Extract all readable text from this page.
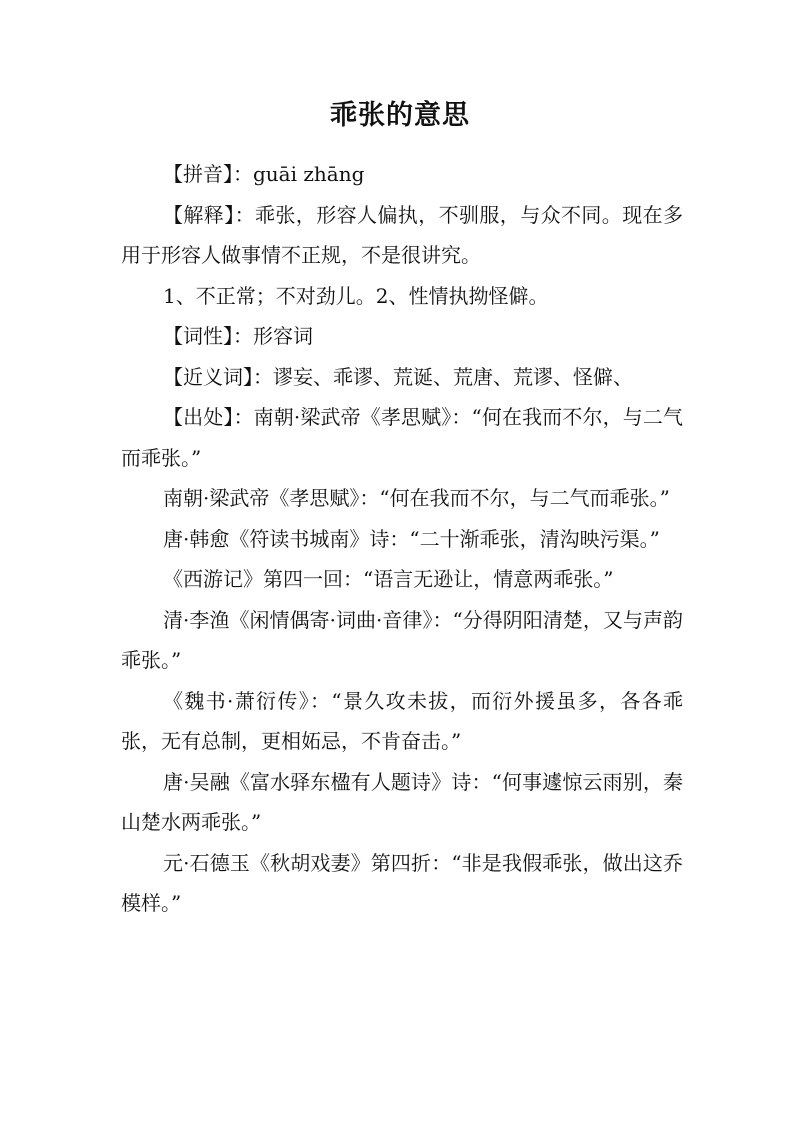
乖张的意思

【拼音】：guāi zhāng

【解释】：乖张，形容人偏执，不驯服，与众不同。现在多用于形容人做事情不正规，不是很讲究。

1、不正常；不对劲儿。2、性情执拗怪僻。

【词性】：形容词

【近义词】：谬妄、乖谬、荒诞、荒唐、荒谬、怪僻、

【出处】：南朝·梁武帝《孝思赋》：“何在我而不尔，与二气而乖张。”

南朝·梁武帝《孝思赋》：“何在我而不尔，与二气而乖张。”

唐·韩愈《符读书城南》诗：“二十渐乖张，清沟映污渠。”

《西游记》第四一回：“语言无逊让，情意两乖张。”

清·李渔《闲情偶寄·词曲·音律》：“分得阴阳清楚，又与声韵乖张。”

《魏书·萧衍传》：“景久攻未拔，而衍外援虽多，各各乖张，无有总制，更相妬忌，不肯奋击。”

唐·吴融《富水驿东楹有人题诗》诗：“何事遽惊云雨别，秦山楚水两乖张。”

元·石德玉《秋胡戏妻》第四折：“非是我假乖张，做出这乔模样。”
